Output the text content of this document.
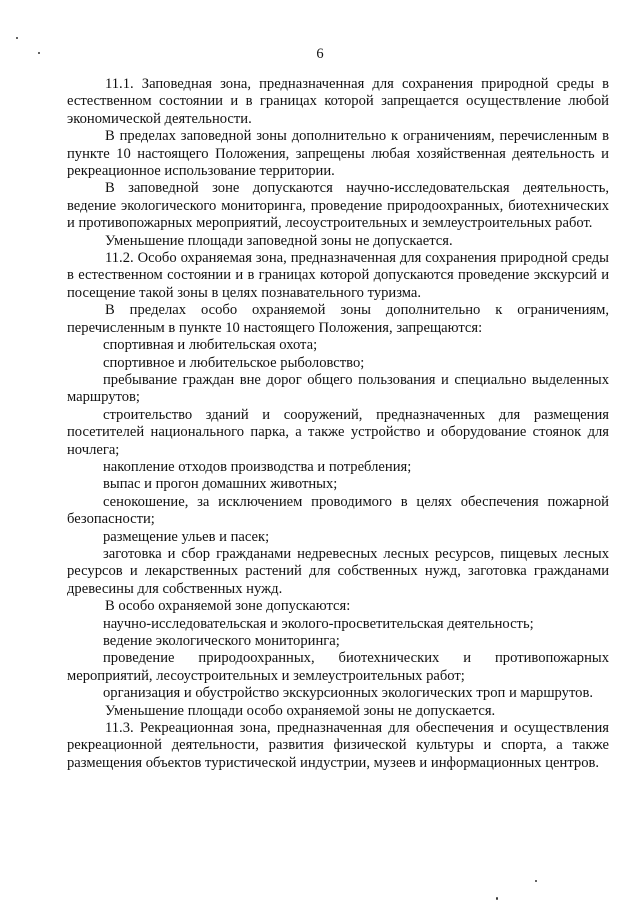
6

11.1. Заповедная зона, предназначенная для сохранения природной среды в естественном состоянии и в границах которой запрещается осуществление любой экономической деятельности.

В пределах заповедной зоны дополнительно к ограничениям, перечисленным в пункте 10 настоящего Положения, запрещены любая хозяйственная деятельность и рекреационное использование территории.

В заповедной зоне допускаются научно-исследовательская деятельность, ведение экологического мониторинга, проведение природоохранных, биотехнических и противопожарных мероприятий, лесоустроительных и землеустроительных работ.

Уменьшение площади заповедной зоны не допускается.

11.2. Особо охраняемая зона, предназначенная для сохранения природной среды в естественном состоянии и в границах которой допускаются проведение экскурсий и посещение такой зоны в целях познавательного туризма.

В пределах особо охраняемой зоны дополнительно к ограничениям, перечисленным в пункте 10 настоящего Положения, запрещаются:

спортивная и любительская охота;

спортивное и любительское рыболовство;

пребывание граждан вне дорог общего пользования и специально выделенных маршрутов;

строительство зданий и сооружений, предназначенных для размещения посетителей национального парка, а также устройство и оборудование стоянок для ночлега;

накопление отходов производства и потребления;

выпас и прогон домашних животных;

сенокошение, за исключением проводимого в целях обеспечения пожарной безопасности;

размещение ульев и пасек;

заготовка и сбор гражданами недревесных лесных ресурсов, пищевых лесных ресурсов и лекарственных растений для собственных нужд, заготовка гражданами древесины для собственных нужд.

В особо охраняемой зоне допускаются:

научно-исследовательская и эколого-просветительская деятельность;

ведение экологического мониторинга;

проведение природоохранных, биотехнических и противопожарных мероприятий, лесоустроительных и землеустроительных работ;

организация и обустройство экскурсионных экологических троп и маршрутов.

Уменьшение площади особо охраняемой зоны не допускается.

11.3. Рекреационная зона, предназначенная для обеспечения и осуществления рекреационной деятельности, развития физической культуры и спорта, а также размещения объектов туристической индустрии, музеев и информационных центров.
